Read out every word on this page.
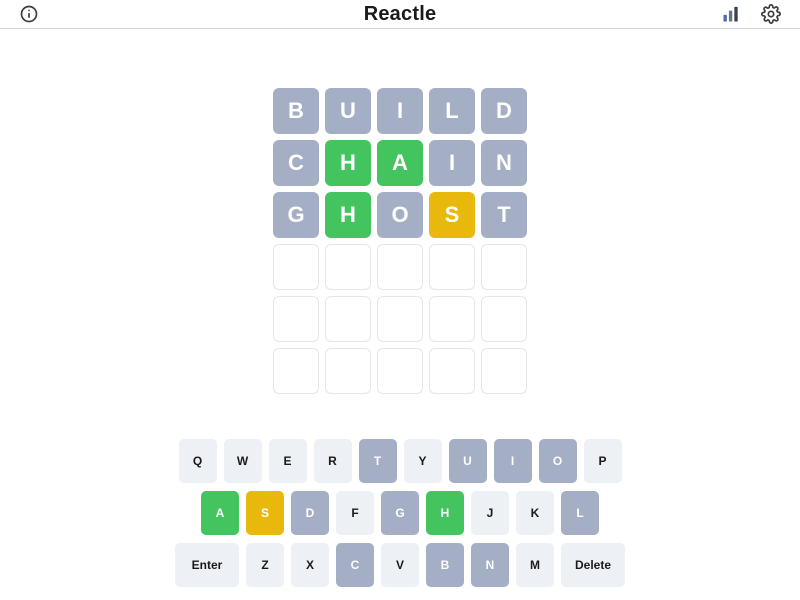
Reactle
B	U	I	L	D
C	H	A	I	N
G	H	O	S	T
Q	W	E	R	T	Y	U	I	O	P
A	S	D	F	G	H	J	K	L
Enter	Z	X	C	V	B	N	M	Delete
